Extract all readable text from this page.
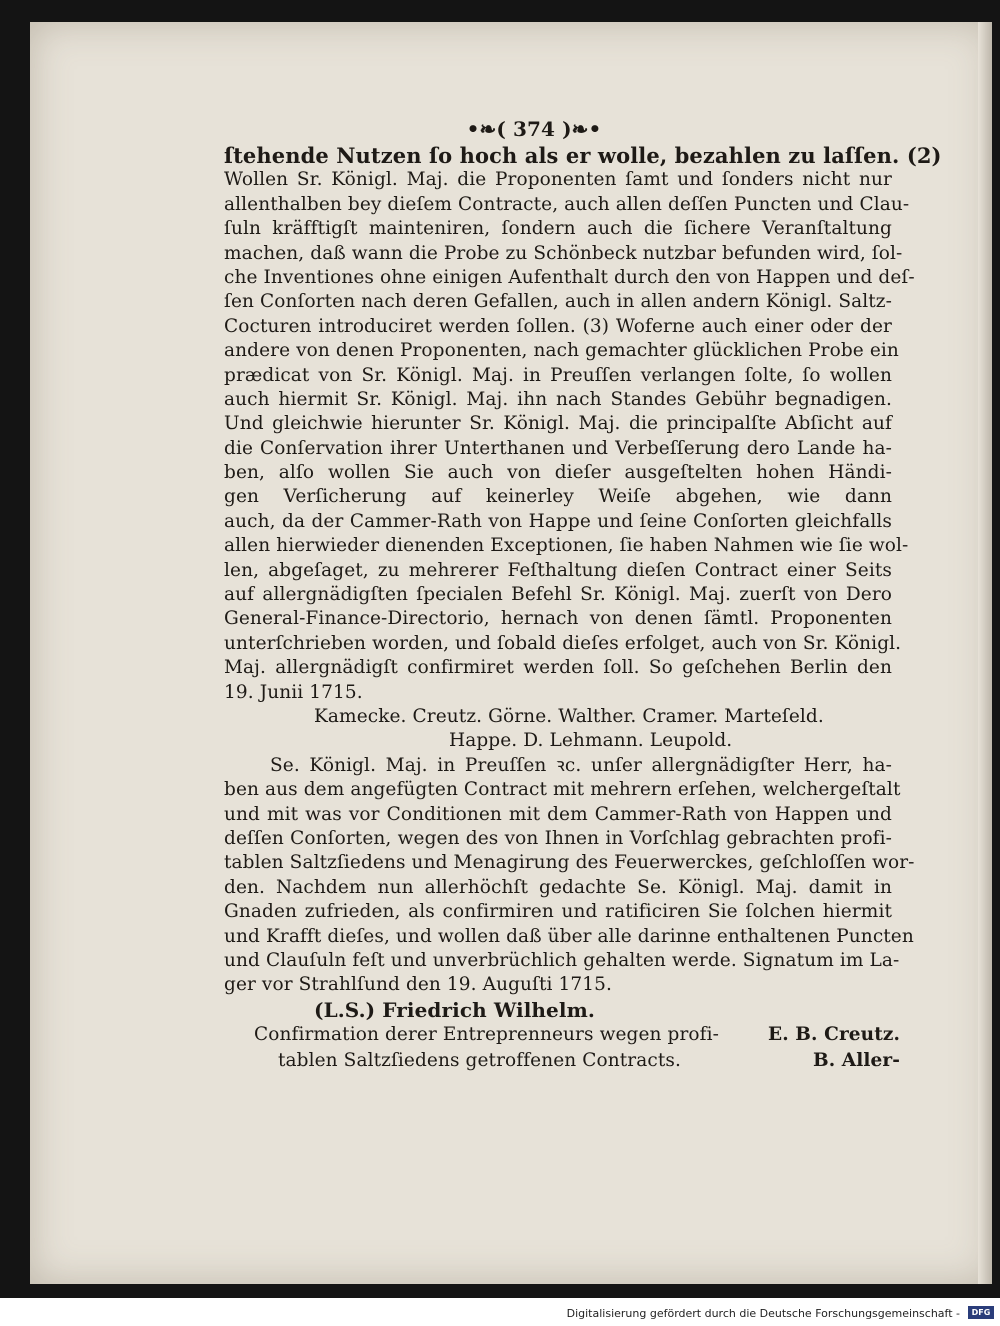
•❧( 374 )❧•
ſtehende Nutzen ſo hoch als er wolle, bezahlen zu laſſen. (2)
Wollen Sr. Königl. Maj. die Proponenten ſamt und ſonders nicht nur
allenthalben bey dieſem Contracte, auch allen deſſen Puncten und Clau-
ſuln kräfftigſt mainteniren, ſondern auch die ſichere Veranſtaltung
machen, daß wann die Probe zu Schönbeck nutzbar befunden wird, ſol-
che Inventiones ohne einigen Aufenthalt durch den von Happen und deſ-
ſen Conſorten nach deren Gefallen, auch in allen andern Königl. Saltz-
Cocturen introduciret werden ſollen. (3) Woferne auch einer oder der
andere von denen Proponenten, nach gemachter glücklichen Probe ein
prædicat von Sr. Königl. Maj. in Preuſſen verlangen ſolte, ſo wollen
auch hiermit Sr. Königl. Maj. ihn nach Standes Gebühr begnadigen.
Und gleichwie hierunter Sr. Königl. Maj. die principalſte Abſicht auf
die Conſervation ihrer Unterthanen und Verbeſſerung dero Lande ha-
ben, alſo wollen Sie auch von dieſer ausgeſtelten hohen Händi-
gen Verſicherung auf keinerley Weiſe abgehen, wie dann
auch, da der Cammer-Rath von Happe und ſeine Conſorten gleichfalls
allen hierwieder dienenden Exceptionen, ſie haben Nahmen wie ſie wol-
len, abgeſaget, zu mehrerer Feſthaltung dieſen Contract einer Seits
auf allergnädigſten ſpecialen Befehl Sr. Königl. Maj. zuerſt von Dero
General-Finance-Directorio, hernach von denen ſämtl. Proponenten
unterſchrieben worden, und ſobald dieſes erfolget, auch von Sr. Königl.
Maj. allergnädigſt confirmiret werden ſoll. So geſchehen Berlin den
19. Junii 1715.
Kamecke. Creutz. Görne. Walther. Cramer. Marteſeld.
Happe. D. Lehmann. Leupold.
Se. Königl. Maj. in Preuſſen ꝛc. unſer allergnädigſter Herr, ha-
ben aus dem angefügten Contract mit mehrern erſehen, welchergeſtalt
und mit was vor Conditionen mit dem Cammer-Rath von Happen und
deſſen Conſorten, wegen des von Ihnen in Vorſchlag gebrachten profi-
tablen Saltzſiedens und Menagirung des Feuerwerckes, geſchloſſen wor-
den. Nachdem nun allerhöchſt gedachte Se. Königl. Maj. damit in
Gnaden zufrieden, als confirmiren und ratificiren Sie ſolchen hiermit
und Krafft dieſes, und wollen daß über alle darinne enthaltenen Puncten
und Clauſuln feſt und unverbrüchlich gehalten werde. Signatum im La-
ger vor Strahlſund den 19. Auguſti 1715.
(L.S.) Friedrich Wilhelm.
Confirmation derer Entreprenneurs wegen profi-	E. B. Creutz.
tablen Saltzſiedens getroffenen Contracts.	B. Aller-
Digitalisierung gefördert durch die Deutsche Forschungsgemeinschaft -	DFG
